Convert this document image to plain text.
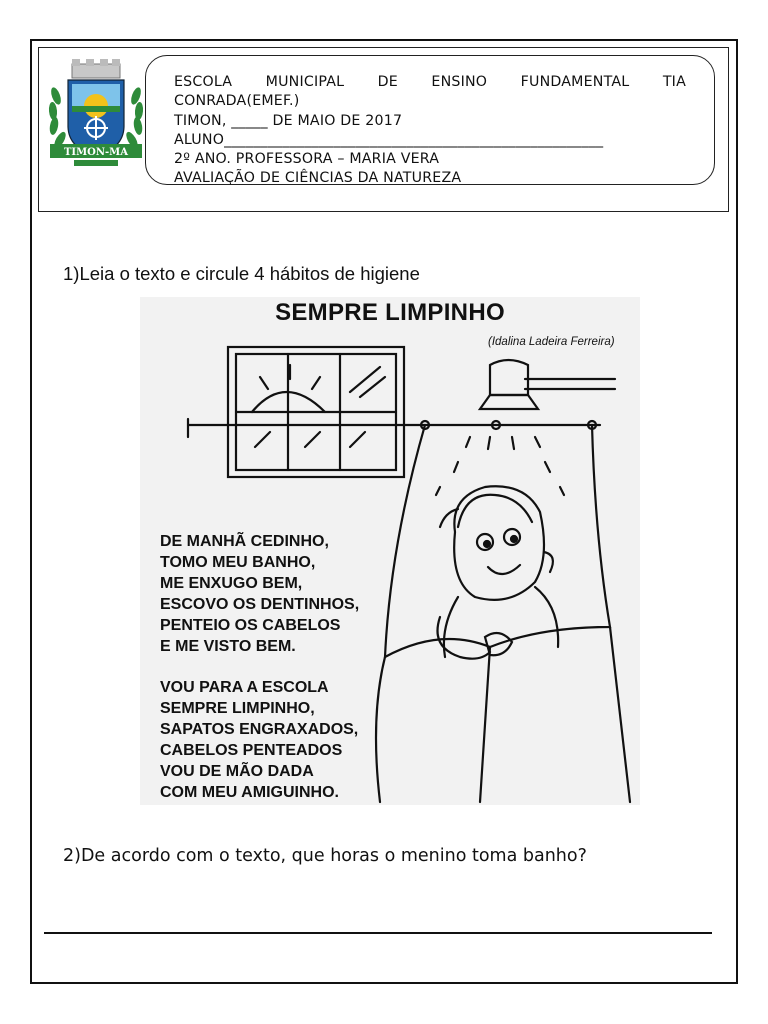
TIMON-MA
ESCOLA MUNICIPAL DE ENSINO FUNDAMENTAL TIA
CONRADA(EMEF.)
TIMON, _____ DE MAIO DE 2017
ALUNO____________________________________________________
2º ANO. PROFESSORA – MARIA VERA
AVALIAÇÃO DE CIÊNCIAS DA NATUREZA
1)Leia o texto e circule 4 hábitos de higiene
SEMPRE LIMPINHO
(Idalina Ladeira Ferreira)
DE MANHÃ CEDINHO,
TOMO MEU BANHO,
ME ENXUGO BEM,
ESCOVO OS DENTINHOS,
PENTEIO OS CABELOS
E ME VISTO BEM.
VOU PARA A ESCOLA
SEMPRE LIMPINHO,
SAPATOS ENGRAXADOS,
CABELOS PENTEADOS
VOU DE MÃO DADA
COM MEU AMIGUINHO.
2)De acordo com o texto, que horas o menino toma banho?
